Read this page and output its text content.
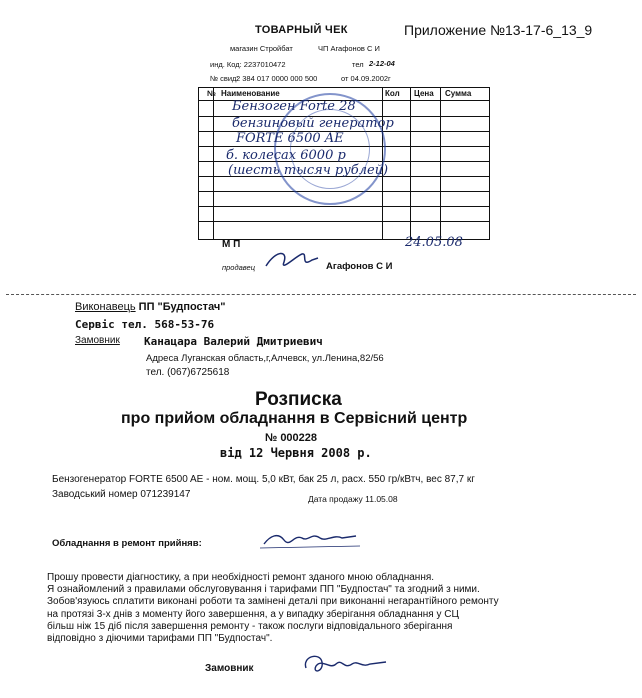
ТОВАРНЫЙ ЧЕК	Приложение №13-17-6_13_9
магазин Стройбат	ЧП Агафонов С И
инд. Код: 2237010472	тел 2-12-04
№ свид:
2 384 017 0000 000 500	от 04.09.2002г
№ Наименование	Кол Цена Сумма
Бензоген Forte 28
бензиновый генератор
FORTE 6500 AE
б. колесах 6000 р
(шесть тысяч рублей)
М П	24.05.08
продавец	Агафонов С И
Виконавець ПП "Будпостач"
Сервіс тел. 568-53-76
Замовник Канацара Валерий Дмитриевич
Адреса Луганская область,г,Алчевск, ул.Ленина,82/56
тел. (067)6725618
Розписка
про прийом обладнання в Сервісний центр
№ 000228
від 12 Червня 2008 р.
Бензогенератор FORTE 6500 AE - ном. мощ. 5,0 кВт, бак 25 л, расх. 550 гр/кВтч, вес 87,7 кг
Заводський номер 071239147	Дата продажу 11.05.08
Обладнання в ремонт прийняв:
Прошу провести діагностику, а при необхідності ремонт зданого мною обладнання.
Я ознайомлений з правилами обслуговування і тарифами ПП "Будпостач" та згодний з ними.
Зобов'язуюсь сплатити виконані роботи та замінені деталі при виконанні негарантійного ремонту
на протязі 3-х днів з моменту його завершення, а у випадку зберігання обладнання у СЦ
більш ніж 15 діб після завершення ремонту - також послуги відповідального зберігання
відповідно з діючими тарифами ПП "Будпостач".
Замовник
